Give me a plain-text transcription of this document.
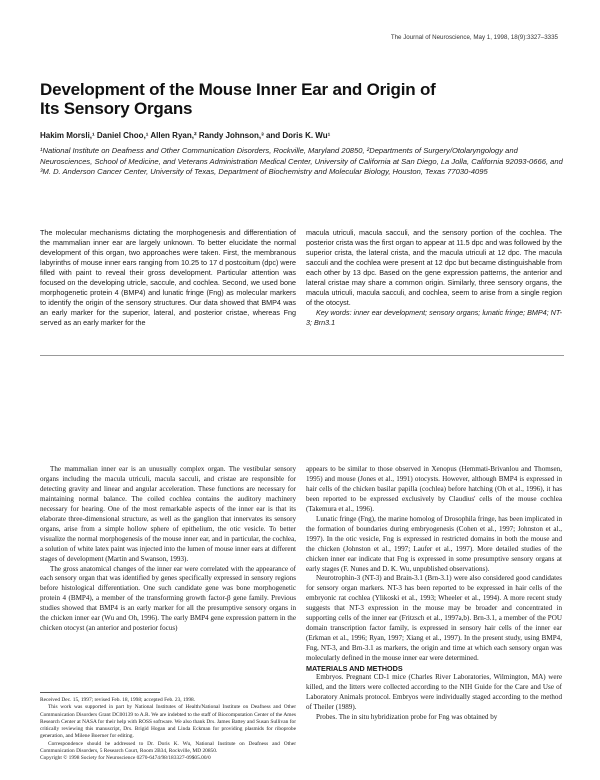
The Journal of Neuroscience, May 1, 1998, 18(9):3327–3335
Development of the Mouse Inner Ear and Origin of
Its Sensory Organs
Hakim Morsli,¹ Daniel Choo,¹ Allen Ryan,² Randy Johnson,³ and Doris K. Wu¹
¹National Institute on Deafness and Other Communication Disorders, Rockville, Maryland 20850, ²Departments of Surgery/Otolaryngology and Neurosciences, School of Medicine, and Veterans Administration Medical Center, University of California at San Diego, La Jolla, California 92093-0666, and ³M. D. Anderson Cancer Center, University of Texas, Department of Biochemistry and Molecular Biology, Houston, Texas 77030-4095
The molecular mechanisms dictating the morphogenesis and differentiation of the mammalian inner ear are largely unknown. To better elucidate the normal development of this organ, two approaches were taken. First, the membranous labyrinths of mouse inner ears ranging from 10.25 to 17 d postcoitum (dpc) were filled with paint to reveal their gross development. Particular attention was focused on the developing utricle, saccule, and cochlea. Second, we used bone morphogenetic protein 4 (BMP4) and lunatic fringe (Fng) as molecular markers to identify the origin of the sensory structures. Our data showed that BMP4 was an early marker for the superior, lateral, and posterior cristae, whereas Fng served as an early marker for the
macula utriculi, macula sacculi, and the sensory portion of the cochlea. The posterior crista was the first organ to appear at 11.5 dpc and was followed by the superior crista, the lateral crista, and the macula utriculi at 12 dpc. The macula sacculi and the cochlea were present at 12 dpc but became distinguishable from each other by 13 dpc. Based on the gene expression patterns, the anterior and lateral cristae may share a common origin. Similarly, three sensory organs, the macula utriculi, macula sacculi, and cochlea, seem to arise from a single region of the otocyst.
Key words: inner ear development; sensory organs; lunatic fringe; BMP4; NT-3; Brn3.1

The mammalian inner ear is an unusually complex organ. The vestibular sensory organs including the macula utriculi, macula sacculi, and cristae are responsible for detecting gravity and linear and angular acceleration. These functions are necessary for maintaining normal balance. The coiled cochlea contains the auditory machinery necessary for hearing. One of the most remarkable aspects of the inner ear is that its elaborate three-dimensional structure, as well as the ganglion that innervates its sensory organs, arise from a simple hollow sphere of epithelium, the otic vesicle. To better visualize the normal morphogenesis of the mouse inner ear, and in particular, the cochlea, a solution of white latex paint was injected into the lumen of mouse inner ears at different stages of development (Martin and Swanson, 1993).

The gross anatomical changes of the inner ear were correlated with the appearance of each sensory organ that was identified by genes specifically expressed in sensory regions before histological differentiation. One such candidate gene was bone morphogenetic protein 4 (BMP4), a member of the transforming growth factor-β gene family. Previous studies showed that BMP4 is an early marker for all the presumptive sensory organs in the chicken inner ear (Wu and Oh, 1996). The early BMP4 gene expression pattern in the chicken otocyst (an anterior and posterior focus)

appears to be similar to those observed in Xenopus (Hemmati-Brivanlou and Thomsen, 1995) and mouse (Jones et al., 1991) otocysts. However, although BMP4 is expressed in hair cells of the chicken basilar papilla (cochlea) before hatching (Oh et al., 1996), it has been reported to be expressed exclusively by Claudius' cells of the mouse cochlea (Takemura et al., 1996).

Lunatic fringe (Fng), the marine homolog of Drosophila fringe, has been implicated in the formation of boundaries during embryogenesis (Cohen et al., 1997; Johnston et al., 1997). In the otic vesicle, Fng is expressed in restricted domains in both the mouse and the chicken (Johnston et al., 1997; Laufer et al., 1997). More detailed studies of the chicken inner ear indicate that Fng is expressed in some presumptive sensory organs at early stages (F. Nunes and D. K. Wu, unpublished observations).

Neurotrophin-3 (NT-3) and Brain-3.1 (Brn-3.1) were also considered good candidates for sensory organ markers. NT-3 has been reported to be expressed in hair cells of the embryonic rat cochlea (Ylikoski et al., 1993; Wheeler et al., 1994). A more recent study suggests that NT-3 expression in the mouse may be broader and concentrated in supporting cells of the inner ear (Fritzsch et al., 1997a,b). Brn-3.1, a member of the POU domain transcription factor family, is expressed in sensory hair cells of the inner ear (Erkman et al., 1996; Ryan, 1997; Xiang et al., 1997). In the present study, using BMP4, Fng, NT-3, and Brn-3.1 as markers, the origin and time at which each sensory organ was molecularly defined in the mouse inner ear were determined.

MATERIALS AND METHODS

Embryos. Pregnant CD-1 mice (Charles River Laboratories, Wilmington, MA) were killed, and the litters were collected according to the NIH Guide for the Care and Use of Laboratory Animals protocol. Embryos were individually staged according to the method of Theiler (1989).

Probes. The in situ hybridization probe for Fng was obtained by

Received Dec. 15, 1997; revised Feb. 18, 1998; accepted Feb. 23, 1998.

This work was supported in part by National Institutes of Health/National Institute on Deafness and Other Communication Disorders Grant DC00139 to A.R. We are indebted to the staff of Biocomputation Center of the Ames Research Center at NASA for their help with ROSS software. We also thank Drs. James Battey and Susan Sullivan for critically reviewing this manuscript, Drs. Brigid Hogan and Linda Eckman for providing plasmids for riboprobe generation, and Milene Boerner for editing.

Correspondence should be addressed to Dr. Doris K. Wu, National Institute on Deafness and Other Communication Disorders, 5 Research Court, Room 2B34, Rockville, MD 20850.

Copyright © 1998 Society for Neuroscience 0270-6474/98/183327-09$05.00/0
